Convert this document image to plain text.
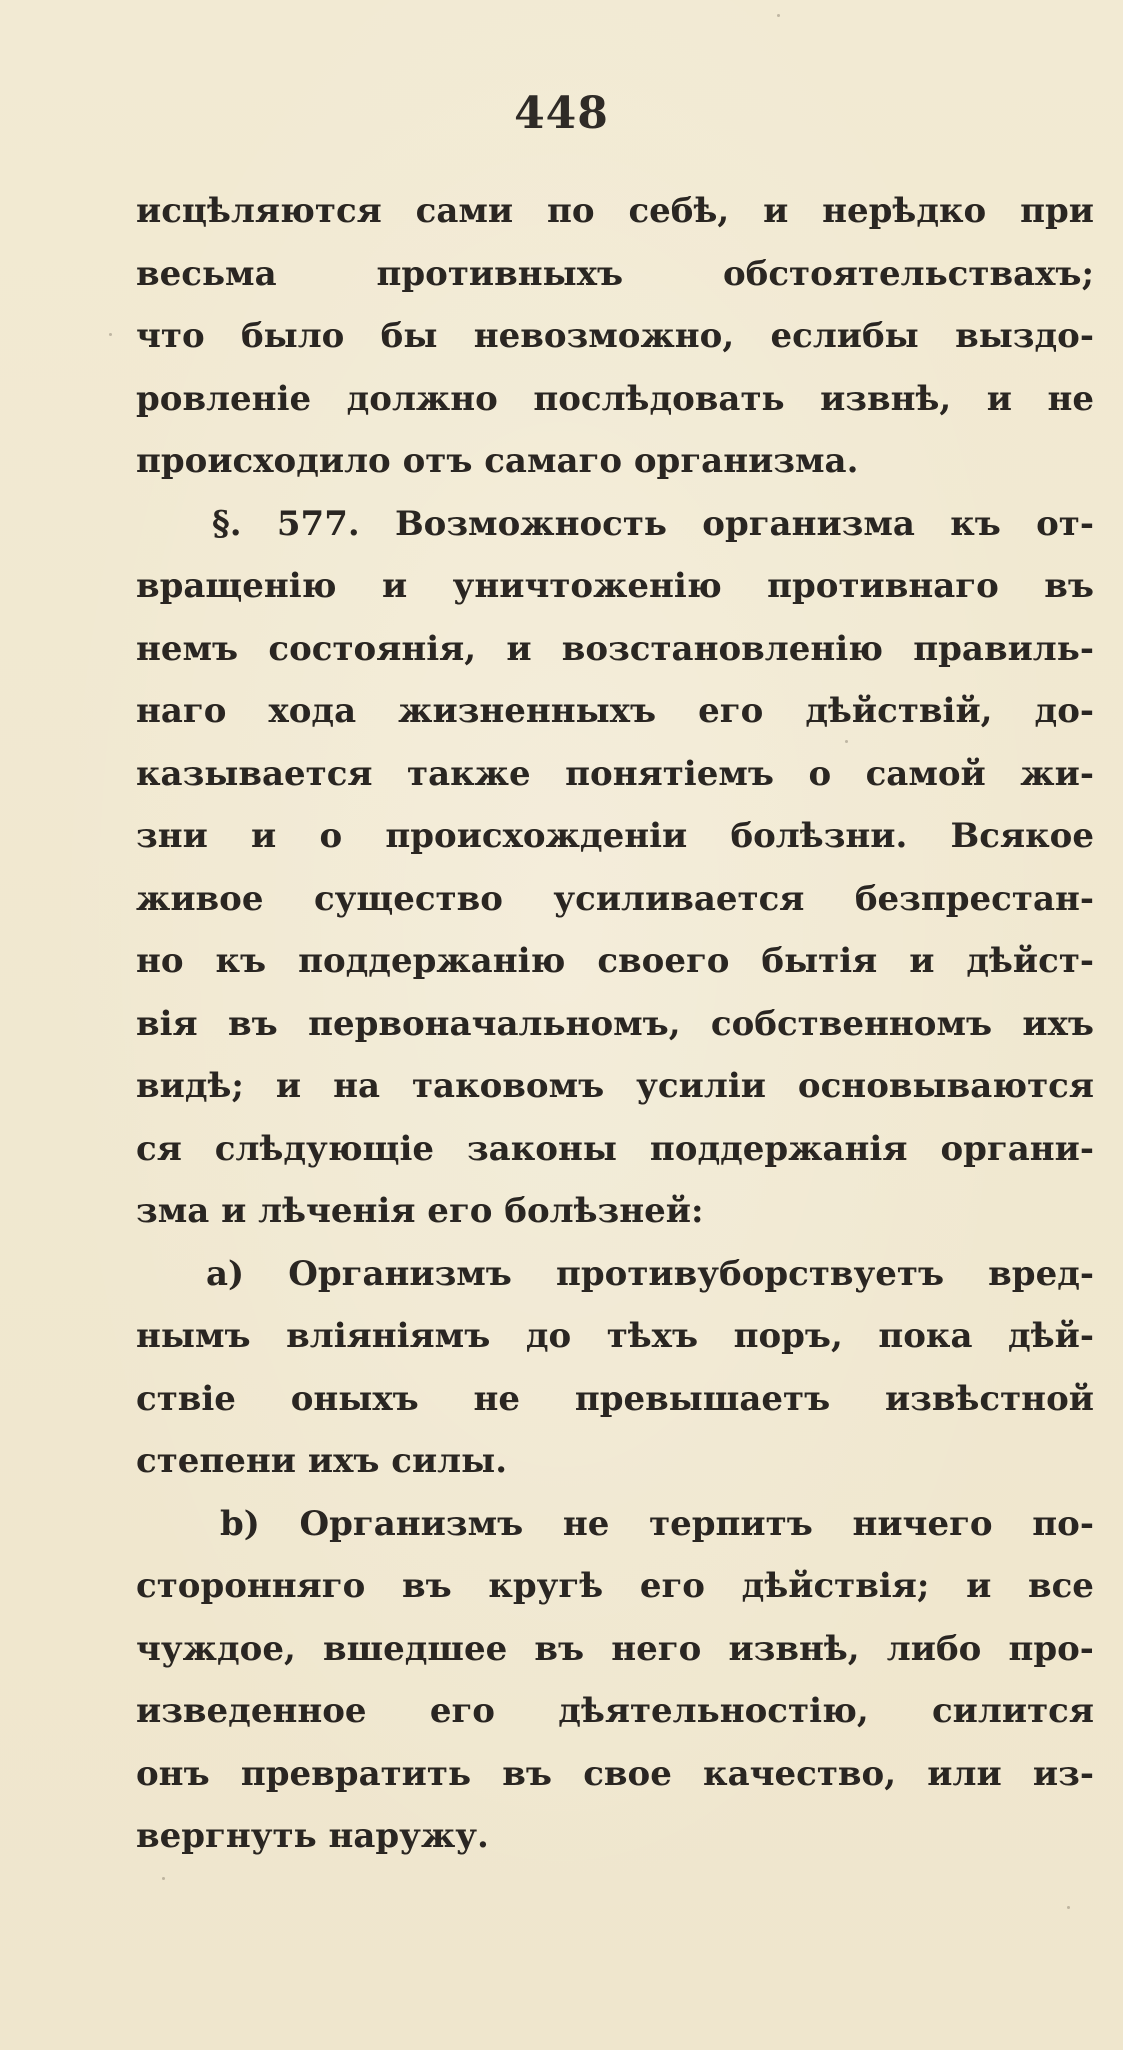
448
исцѣляются сами по себѣ, и нерѣдко при
весьма	противныхъ	обстоятельствахъ;
что было бы невозможно, еслибы выздо-
ровленіе должно послѣдовать извнѣ, и не
происходило отъ самаго организма.
§. 577. Возможность организма къ от-
вращенію и уничтоженію противнаго въ
немъ состоянія, и возстановленію правиль-
наго хода жизненныхъ его дѣйствій, до-
казывается также понятіемъ о самой жи-
зни и о происхожденіи болѣзни. Всякое
живое существо усиливается безпрестан-
но къ поддержанію своего бытія и дѣйст-
вія въ первоначальномъ, собственномъ ихъ
видѣ; и на таковомъ усиліи основываются
ся слѣдующіе законы поддержанія органи-
зма и лѣченія его болѣзней:
a) Организмъ противуборствуетъ вред-
нымъ вліяніямъ до тѣхъ поръ, пока дѣй-
ствіе оныхъ не превышаетъ извѣстной
степени ихъ силы.
b) Организмъ не терпитъ ничего по-
сторонняго въ кругѣ его дѣйствія; и все
чуждое, вшедшее въ него извнѣ, либо про-
изведенное его дѣятельностію, силится
онъ превратить въ свое качество, или из-
вергнуть наружу.
